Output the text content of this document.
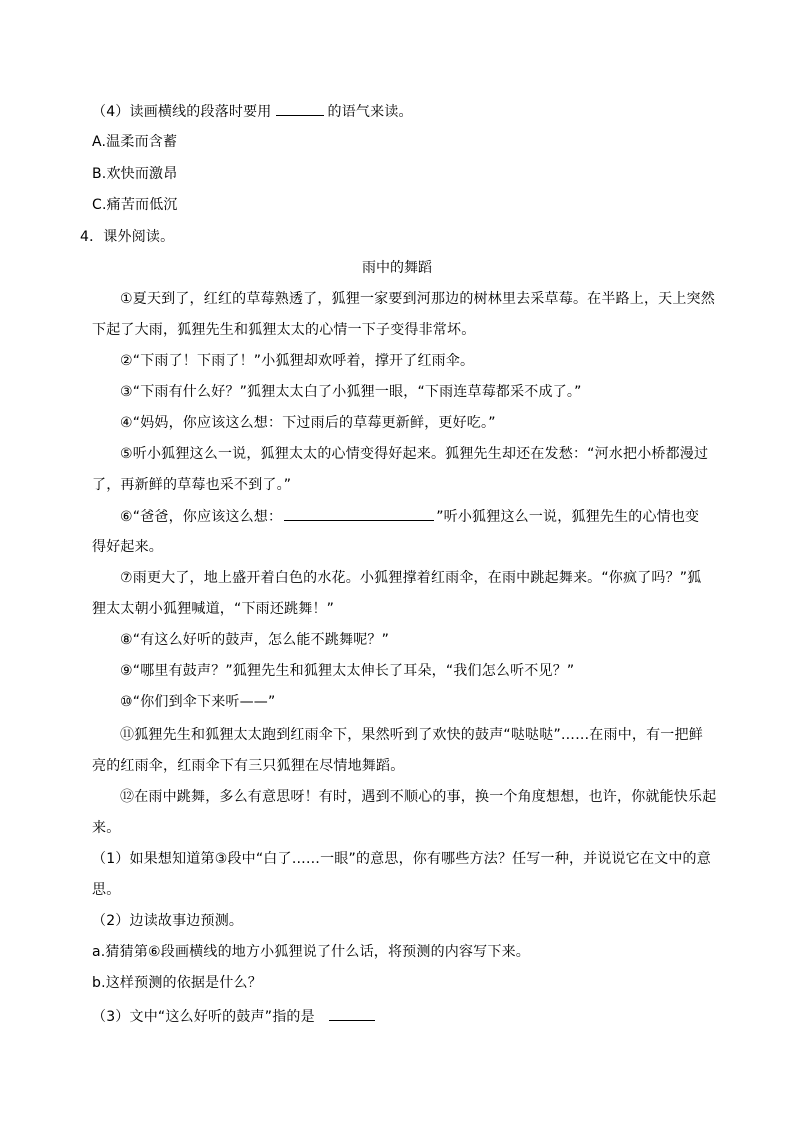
（4）读画横线的段落时要用	的语气来读。
A.温柔而含蓄
B.欢快而激昂
C.痛苦而低沉
4．课外阅读。
雨中的舞蹈
①夏天到了，红红的草莓熟透了，狐狸一家要到河那边的树林里去采草莓。在半路上，天上突然
下起了大雨，狐狸先生和狐狸太太的心情一下子变得非常坏。
②“下雨了！下雨了！”小狐狸却欢呼着，撑开了红雨伞。
③“下雨有什么好？”狐狸太太白了小狐狸一眼，“下雨连草莓都采不成了。”
④“妈妈，你应该这么想：下过雨后的草莓更新鲜，更好吃。”
⑤听小狐狸这么一说，狐狸太太的心情变得好起来。狐狸先生却还在发愁：“河水把小桥都漫过
了，再新鲜的草莓也采不到了。”
⑥“爸爸，你应该这么想：	”听小狐狸这么一说，狐狸先生的心情也变
得好起来。
⑦雨更大了，地上盛开着白色的水花。小狐狸撑着红雨伞，在雨中跳起舞来。“你疯了吗？”狐
狸太太朝小狐狸喊道，“下雨还跳舞！”
⑧“有这么好听的鼓声，怎么能不跳舞呢？”
⑨“哪里有鼓声？”狐狸先生和狐狸太太伸长了耳朵，“我们怎么听不见？”
⑩“你们到伞下来听——”
⑪狐狸先生和狐狸太太跑到红雨伞下，果然听到了欢快的鼓声“哒哒哒”……在雨中，有一把鲜
亮的红雨伞，红雨伞下有三只狐狸在尽情地舞蹈。
⑫在雨中跳舞，多么有意思呀！有时，遇到不顺心的事，换一个角度想想，也许，你就能快乐起
来。
（1）如果想知道第③段中“白了……一眼”的意思，你有哪些方法？任写一种，并说说它在文中的意
思。
（2）边读故事边预测。
a.猜猜第⑥段画横线的地方小狐狸说了什么话，将预测的内容写下来。
b.这样预测的依据是什么？
（3）文中“这么好听的鼓声”指的是
